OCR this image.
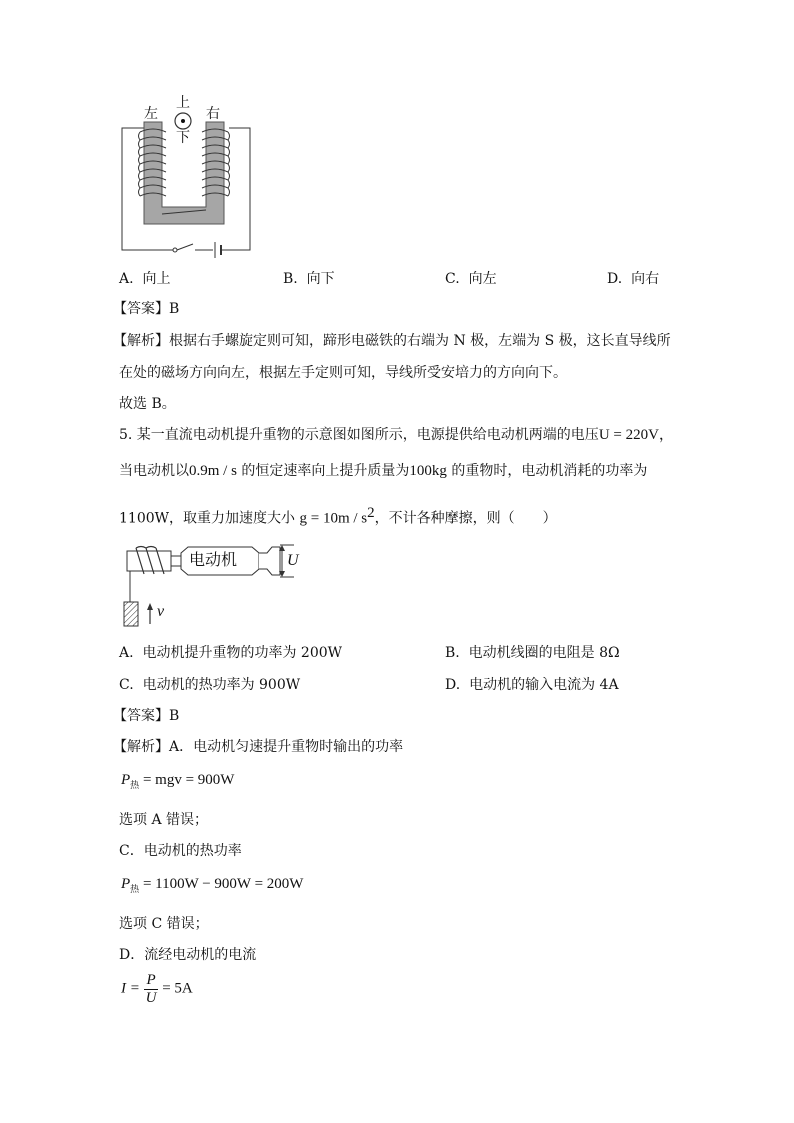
左
上
下
右
A. 向上	B. 向下	C. 向左	D. 向右
【答案】B
【解析】根据右手螺旋定则可知，蹄形电磁铁的右端为 N 极，左端为 S 极，这长直导线所
在处的磁场方向向左，根据左手定则可知，导线所受安培力的方向向下。
故选 B。
5. 某一直流电动机提升重物的示意图如图所示，电源提供给电动机两端的电压U = 220V，
当电动机以0.9m / s 的恒定速率向上提升质量为100kg 的重物时，电动机消耗的功率为
1100W，取重力加速度大小 $g = 10m / s^2$，不计各种摩擦，则（　　）
电动机	U
v
A. 电动机提升重物的功率为 200W	B. 电动机线圈的电阻是 8Ω
C. 电动机的热功率为 900W	D. 电动机的输入电流为 4A
【答案】B
【解析】A．电动机匀速提升重物时输出的功率
$P_热$ = mgv = 900W
选项 A 错误；
C．电动机的热功率
$P_热 = 1100W - 900W = 200W$
选项 C 错误；
D．流经电动机的电流
$I = \frac{P}{U} = 5A$
